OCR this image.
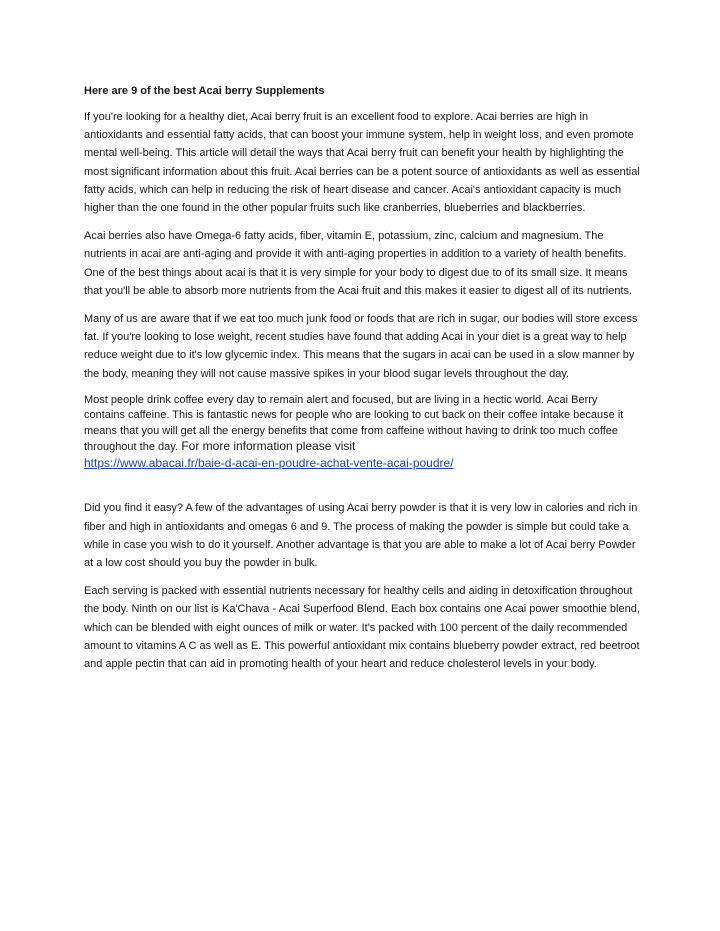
Here are 9 of the best Acai berry Supplements

If you're looking for a healthy diet, Acai berry fruit is an excellent food to explore. Acai berries are high in antioxidants and essential fatty acids, that can boost your immune system, help in weight loss, and even promote mental well-being. This article will detail the ways that Acai berry fruit can benefit your health by highlighting the most significant information about this fruit. Acai berries can be a potent source of antioxidants as well as essential fatty acids, which can help in reducing the risk of heart disease and cancer. Acai's antioxidant capacity is much higher than the one found in the other popular fruits such like cranberries, blueberries and blackberries.

Acai berries also have Omega-6 fatty acids, fiber, vitamin E, potassium, zinc, calcium and magnesium. The nutrients in acai are anti-aging and provide it with anti-aging properties in addition to a variety of health benefits. One of the best things about acai is that it is very simple for your body to digest due to of its small size. It means that you'll be able to absorb more nutrients from the Acai fruit and this makes it easier to digest all of its nutrients.

Many of us are aware that if we eat too much junk food or foods that are rich in sugar, our bodies will store excess fat. If you're looking to lose weight, recent studies have found that adding Acai in your diet is a great way to help reduce weight due to it's low glycemic index. This means that the sugars in acai can be used in a slow manner by the body, meaning they will not cause massive spikes in your blood sugar levels throughout the day.

Most people drink coffee every day to remain alert and focused, but are living in a hectic world. Acai Berry contains caffeine. This is fantastic news for people who are looking to cut back on their coffee intake because it means that you will get all the energy benefits that come from caffeine without having to drink too much coffee throughout the day. For more information please visit

https://www.abacai.fr/baie-d-acai-en-poudre-achat-vente-acai-poudre/

Did you find it easy? A few of the advantages of using Acai berry powder is that it is very low in calories and rich in fiber and high in antioxidants and omegas 6 and 9. The process of making the powder is simple but could take a while in case you wish to do it yourself. Another advantage is that you are able to make a lot of Acai berry Powder at a low cost should you buy the powder in bulk.

Each serving is packed with essential nutrients necessary for healthy cells and aiding in detoxification throughout the body. Ninth on our list is Ka'Chava - Acai Superfood Blend. Each box contains one Acai power smoothie blend, which can be blended with eight ounces of milk or water. It's packed with 100 percent of the daily recommended amount to vitamins A C as well as E. This powerful antioxidant mix contains blueberry powder extract, red beetroot and apple pectin that can aid in promoting health of your heart and reduce cholesterol levels in your body.
